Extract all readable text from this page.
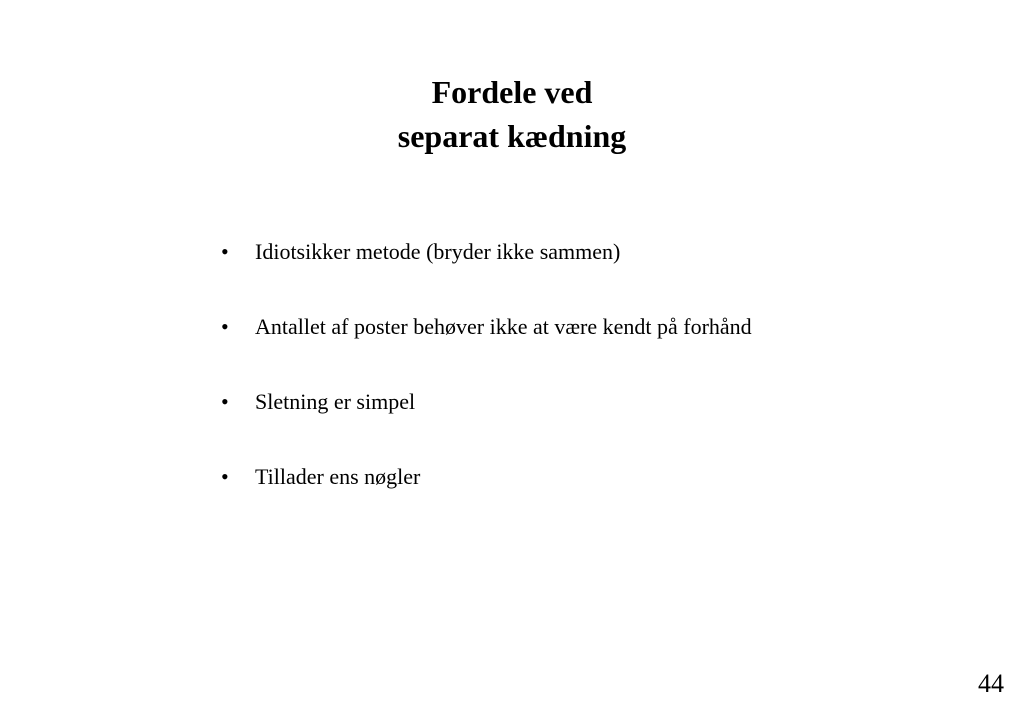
Fordele ved
separat kædning
• Idiotsikker metode (bryder ikke sammen)
• Antallet af poster behøver ikke at være kendt på forhånd
• Sletning er simpel
• Tillader ens nøgler
44
